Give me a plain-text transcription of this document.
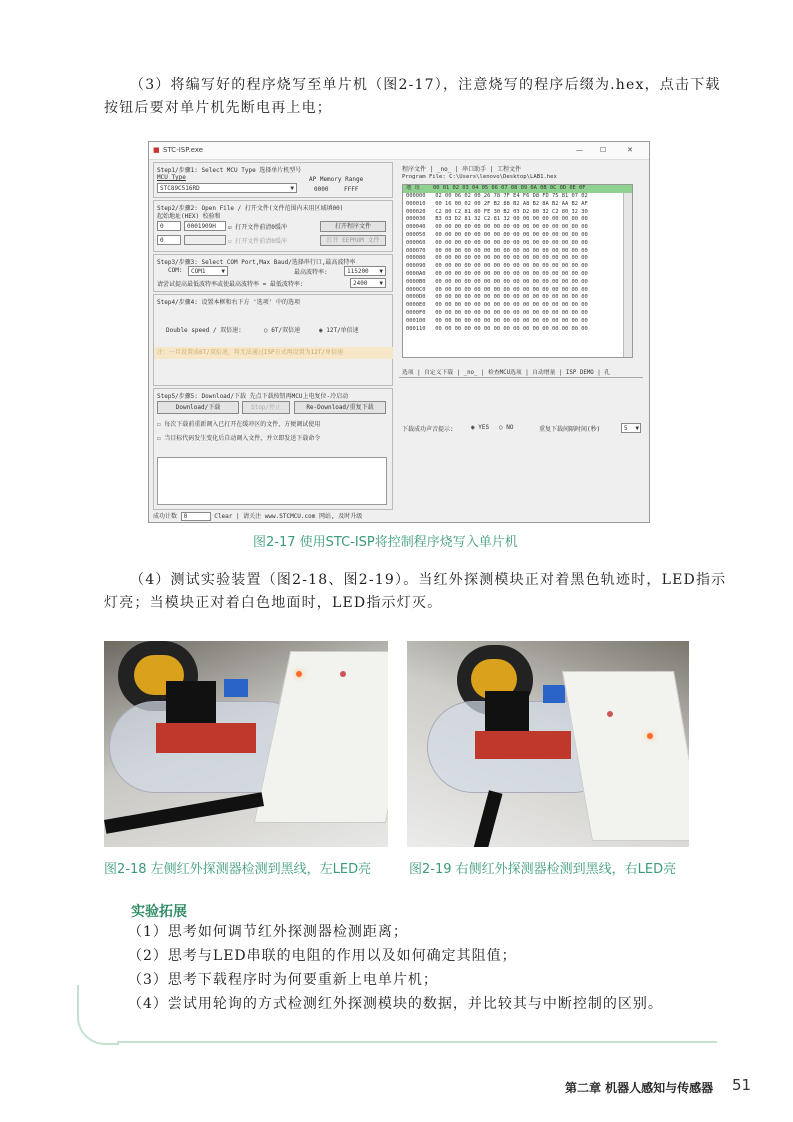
（3）将编写好的程序烧写至单片机（图2-17），注意烧写的程序后缀为.hex，点击下载
按钮后要对单片机先断电再上电；
■ STC-ISP.exe	— ☐	✕
Step1/步骤1: Select MCU Type 选择单片机型号
MCU Type
STC89C516RD	▼
AP Memory Range
0000	FFFF
Step2/步骤2: Open File / 打开文件(文件范围内未用区域填00)
起始地址(HEX) 校验和
0	0001909H ☑ 打开文件前清0缓冲	打开程序文件
0	☑ 打开文件前清0缓冲	打开 EEPROM 文件
Step3/步骤3: Select COM Port,Max Baud/选择串行口,最高波特率
COM: COM1	▼	最高波特率:	115200 ▼
请尝试提高最低波特率或使最高波特率 = 最低波特率:	2400 ▼
Step4/步骤4: 设置本框和右下方 '选项' 中的选项
Double speed / 双倍速:	○ 6T/双倍速	◉ 12T/单倍速
注：一旦设置成6T/双倍速，将无法通过ISP方式再设置为12T/单倍速
Step5/步骤5: Download/下载 先点下载按钮再MCU上电复位-冷启动
Download/下载	Stop/停止	Re-Download/重复下载
☐ 每次下载前重新调入已打开在缓冲区的文件，方便调试使用
☐ 当目标代码发生变化后自动调入文件，并立即发送下载命令
成功计数 0	Clear | 请关注 www.STCMCU.com 网站, 及时升级
程序文件 | _no_ | 串口助手 | 工程文件
Program File: C:\Users\lenovo\Desktop\LAB1.hex
地 址    00 01 02 03 04 05 06 07 08 09 0A 0B 0C 0D 0E 0F
000000   02 00 06 02 00 26 78 7F E4 F6 D8 FD 75 81 07 02
000010   00 16 00 02 00 2F B2 88 B2 A8 B2 8A B2 AA B2 AF
000020   C2 80 C2 81 80 FE 30 B2 03 D2 80 32 C2 80 32 30
000030   B3 03 D2 81 32 C2 81 32 00 00 00 00 00 00 00 00
000040   00 00 00 00 00 00 00 00 00 00 00 00 00 00 00 00
000050   00 00 00 00 00 00 00 00 00 00 00 00 00 00 00 00
000060   00 00 00 00 00 00 00 00 00 00 00 00 00 00 00 00
000070   00 00 00 00 00 00 00 00 00 00 00 00 00 00 00 00
000080   00 00 00 00 00 00 00 00 00 00 00 00 00 00 00 00
000090   00 00 00 00 00 00 00 00 00 00 00 00 00 00 00 00
0000A0   00 00 00 00 00 00 00 00 00 00 00 00 00 00 00 00
0000B0   00 00 00 00 00 00 00 00 00 00 00 00 00 00 00 00
0000C0   00 00 00 00 00 00 00 00 00 00 00 00 00 00 00 00
0000D0   00 00 00 00 00 00 00 00 00 00 00 00 00 00 00 00
0000E0   00 00 00 00 00 00 00 00 00 00 00 00 00 00 00 00
0000F0   00 00 00 00 00 00 00 00 00 00 00 00 00 00 00 00
000100   00 00 00 00 00 00 00 00 00 00 00 00 00 00 00 00
000110   00 00 00 00 00 00 00 00 00 00 00 00 00 00 00 00
选项 | 自定义下载 | _no_ | 检查MCU选项 | 自动增量 | ISP DEMO | 孔
下载成功声音提示:	◉ YES ○ NO	重复下载间隔时间(秒)	5 ▼
图2-17 使用STC-ISP将控制程序烧写入单片机
（4）测试实验装置（图2-18、图2-19）。当红外探测模块正对着黑色轨迹时，LED指示
灯亮；当模块正对着白色地面时，LED指示灯灭。
图2-18 左侧红外探测器检测到黑线，左LED亮	图2-19 右侧红外探测器检测到黑线，右LED亮
实验拓展
（1）思考如何调节红外探测器检测距离；
（2）思考与LED串联的电阻的作用以及如何确定其阻值；
（3）思考下载程序时为何要重新上电单片机；
（4）尝试用轮询的方式检测红外探测模块的数据，并比较其与中断控制的区别。
第二章 机器人感知与传感器 51
